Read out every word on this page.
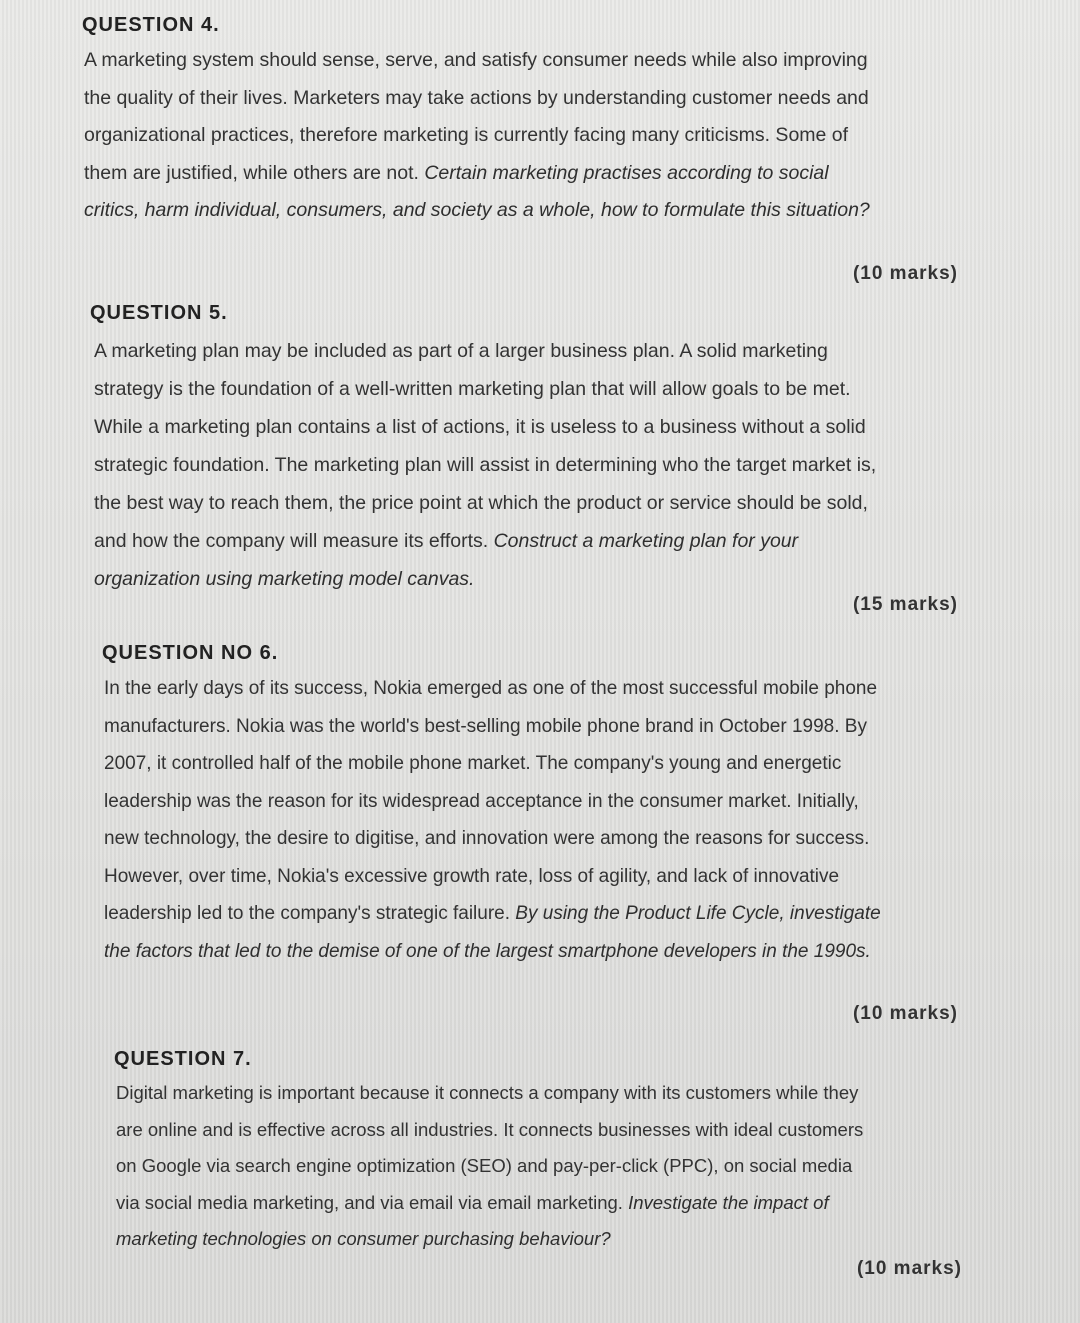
QUESTION 4.
A marketing system should sense, serve, and satisfy consumer needs while also improving
the quality of their lives. Marketers may take actions by understanding customer needs and
organizational practices, therefore marketing is currently facing many criticisms. Some of
them are justified, while others are not. Certain marketing practises according to social
critics, harm individual, consumers, and society as a whole, how to formulate this situation?
(10 marks)
QUESTION 5.
A marketing plan may be included as part of a larger business plan. A solid marketing
strategy is the foundation of a well-written marketing plan that will allow goals to be met.
While a marketing plan contains a list of actions, it is useless to a business without a solid
strategic foundation. The marketing plan will assist in determining who the target market is,
the best way to reach them, the price point at which the product or service should be sold,
and how the company will measure its efforts. Construct a marketing plan for your
organization using marketing model canvas.
(15 marks)
QUESTION NO 6.
In the early days of its success, Nokia emerged as one of the most successful mobile phone
manufacturers. Nokia was the world's best-selling mobile phone brand in October 1998. By
2007, it controlled half of the mobile phone market. The company's young and energetic
leadership was the reason for its widespread acceptance in the consumer market. Initially,
new technology, the desire to digitise, and innovation were among the reasons for success.
However, over time, Nokia's excessive growth rate, loss of agility, and lack of innovative
leadership led to the company's strategic failure. By using the Product Life Cycle, investigate
the factors that led to the demise of one of the largest smartphone developers in the 1990s.
(10 marks)
QUESTION 7.
Digital marketing is important because it connects a company with its customers while they
are online and is effective across all industries. It connects businesses with ideal customers
on Google via search engine optimization (SEO) and pay-per-click (PPC), on social media
via social media marketing, and via email via email marketing. Investigate the impact of
marketing technologies on consumer purchasing behaviour?
(10 marks)
